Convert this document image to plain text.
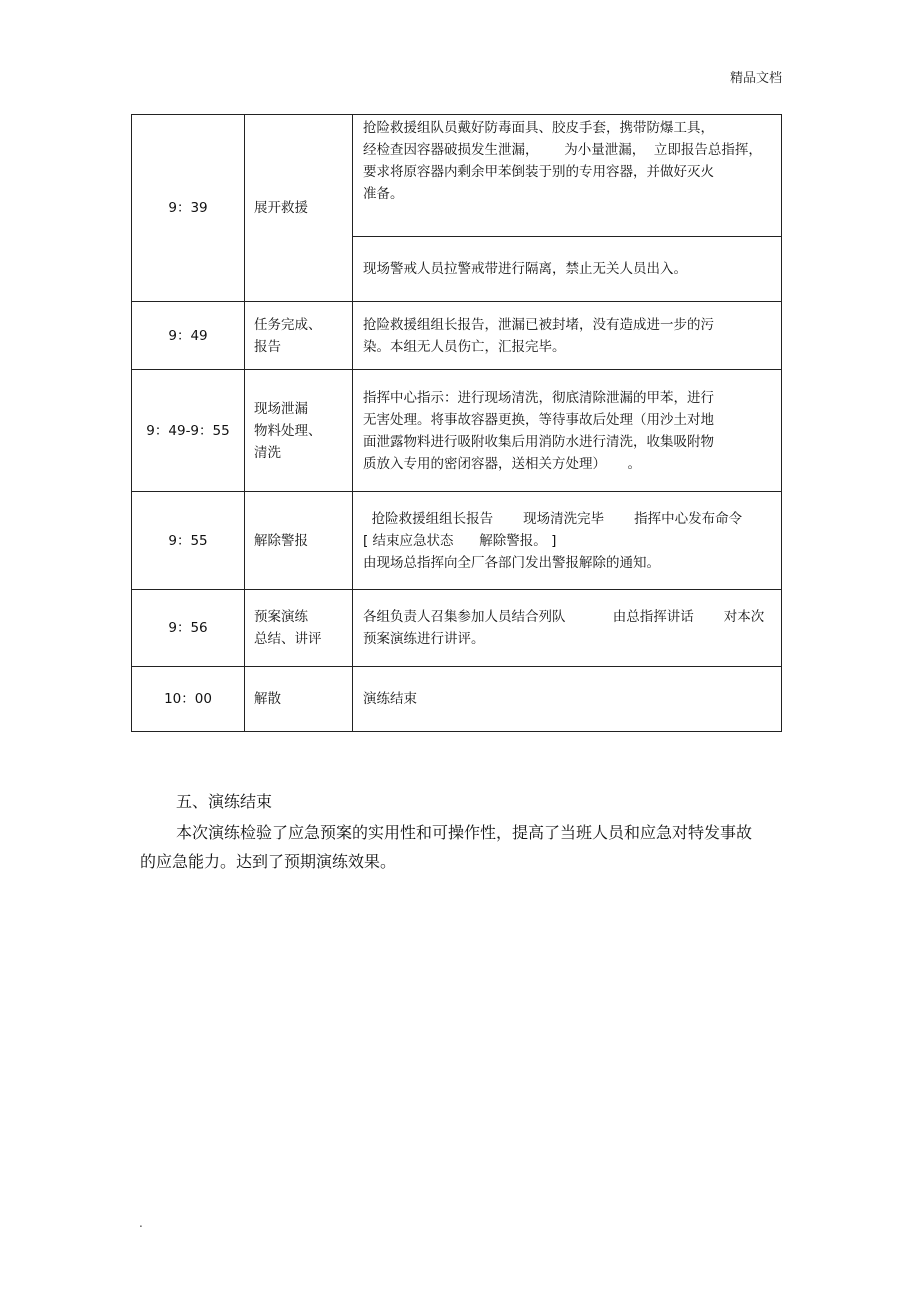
精品文档
9：39	展开救援	抢险救援组队员戴好防毒面具、胶皮手套，携带防爆工具，
经检查因容器破损发生泄漏，      为小量泄漏，  立即报告总指挥，
要求将原容器内剩余甲苯倒装于别的专用容器，并做好灭火
准备。

		现场警戒人员拉警戒带进行隔离，禁止无关人员出入。

9：49	任务完成、
报告	抢险救援组组长报告，泄漏已被封堵，没有造成进一步的污
染。本组无人员伤亡，汇报完毕。

9：49-9：55	现场泄漏
物料处理、
清洗	指挥中心指示：进行现场清洗，彻底清除泄漏的甲苯，进行
无害处理。将事故容器更换，等待事故后处理（用沙土对地
面泄露物料进行吸附收集后用消防水进行清洗，收集吸附物
质放入专用的密闭容器，送相关方处理）     。

9：55	解除警报	抢险救援组组长报告       现场清洗完毕       指挥中心发布命令
[ 结束应急状态      解除警报。 ]
由现场总指挥向全厂各部门发出警报解除的通知。

9：56	预案演练
总结、讲评	各组负责人召集参加人员结合列队           由总指挥讲话       对本次
预案演练进行讲评。

10：00	解散	演练结束
五、演练结束
本次演练检验了应急预案的实用性和可操作性，提高了当班人员和应急对特发事故的应急能力。达到了预期演练效果。
.
